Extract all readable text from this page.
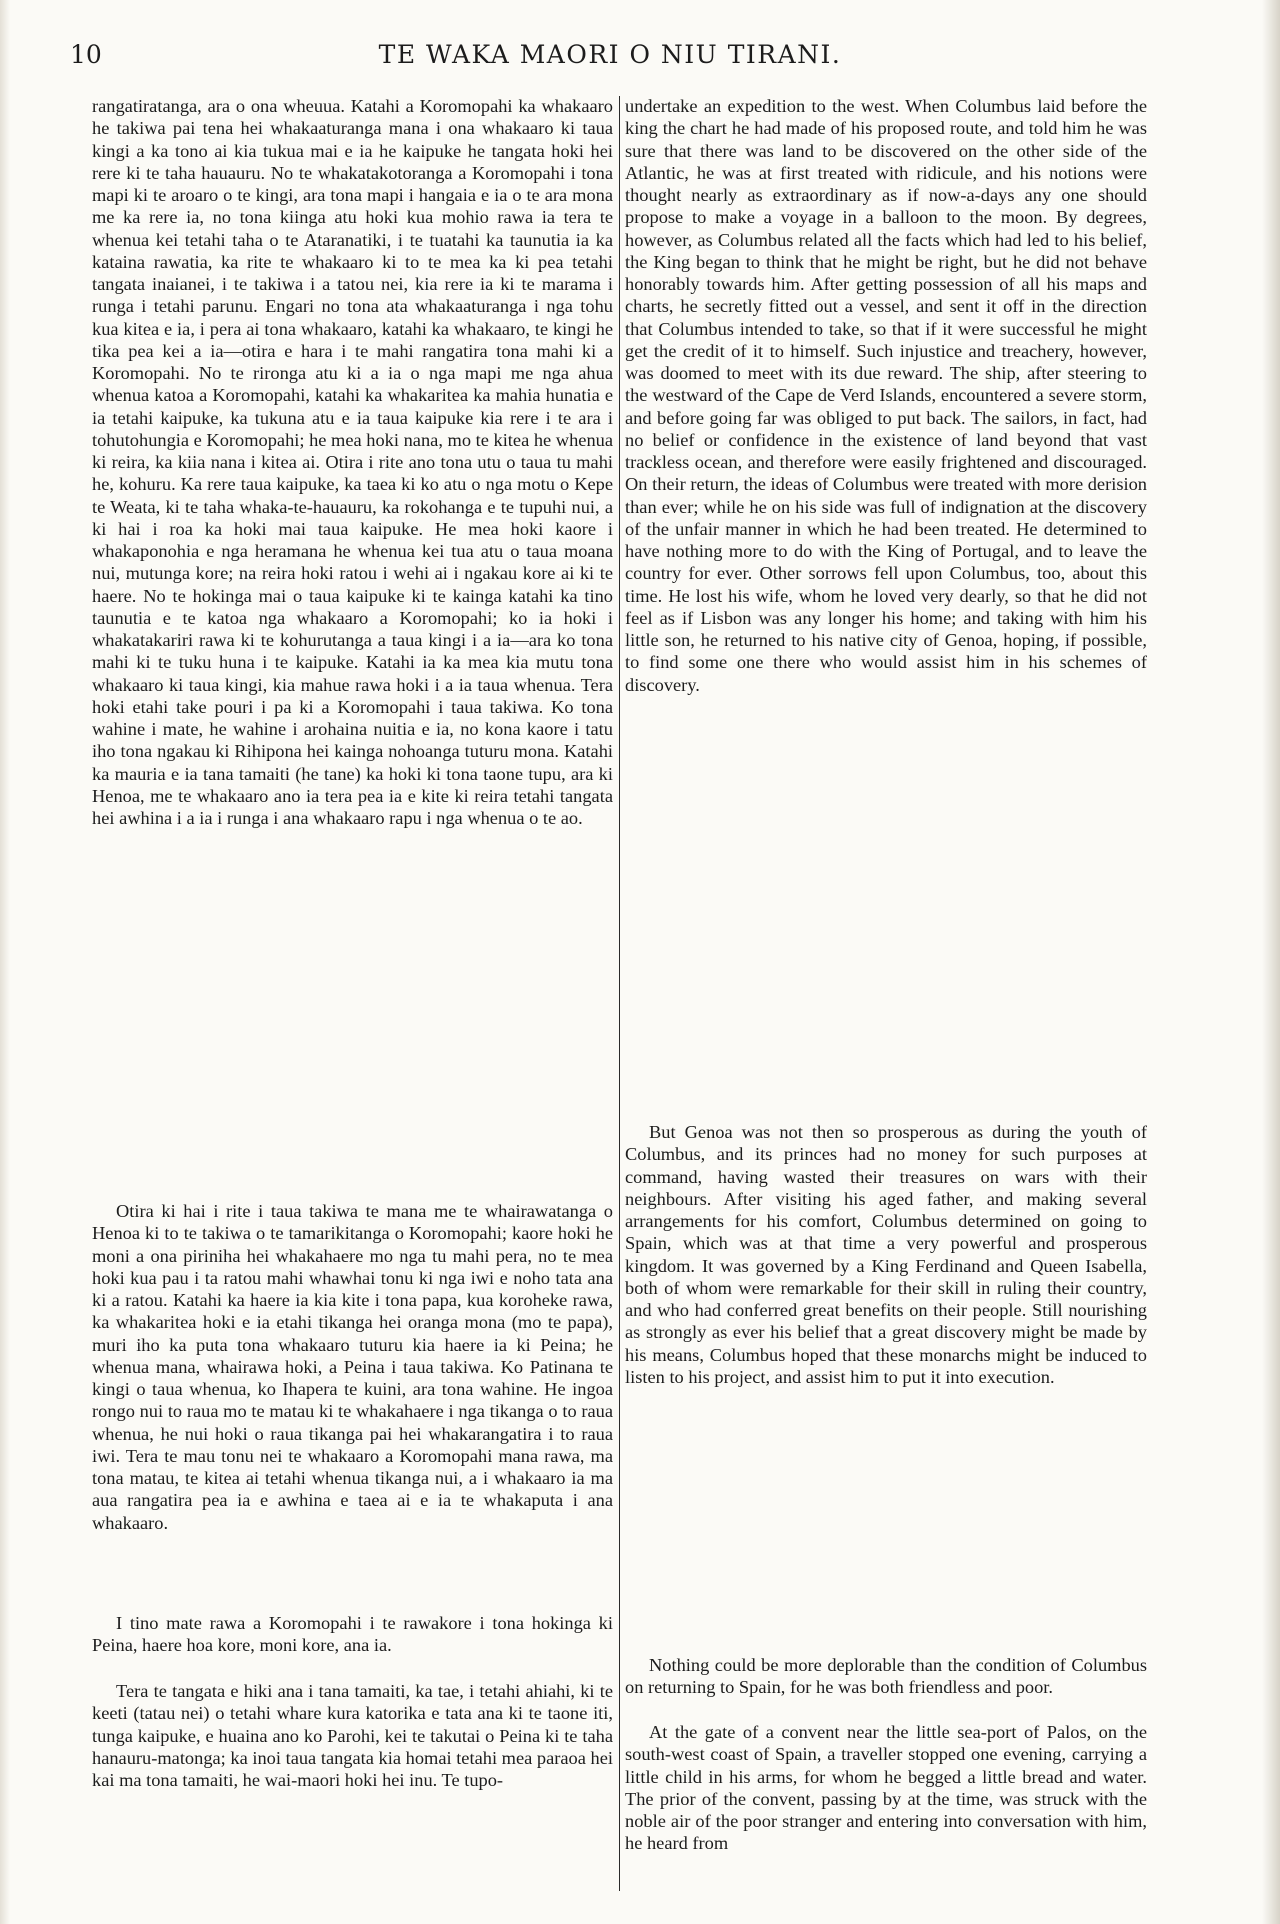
10	TE WAKA MAORI O NIU TIRANI.

rangatiratanga, ara o ona wheuua. Katahi a Koromopahi ka whakaaro he takiwa pai tena hei whakaaturanga mana i ona whakaaro ki taua kingi a ka tono ai kia tukua mai e ia he kaipuke he tangata hoki hei rere ki te taha hauauru. No te whakatakotoranga a Koromopahi i tona mapi ki te aroaro o te kingi, ara tona mapi i hangaia e ia o te ara mona me ka rere ia, no tona kiinga atu hoki kua mohio rawa ia tera te whenua kei tetahi taha o te Ataranatiki, i te tuatahi ka taunutia ia ka kataina rawatia, ka rite te whakaaro ki to te mea ka ki pea tetahi tangata inaianei, i te takiwa i a tatou nei, kia rere ia ki te marama i runga i tetahi parunu. Engari no tona ata whakaaturanga i nga tohu kua kitea e ia, i pera ai tona whakaaro, katahi ka whakaaro, te kingi he tika pea kei a ia—otira e hara i te mahi rangatira tona mahi ki a Koromopahi. No te rironga atu ki a ia o nga mapi me nga ahua whenua katoa a Koromopahi, katahi ka whakaritea ka mahia hunatia e ia tetahi kaipuke, ka tukuna atu e ia taua kaipuke kia rere i te ara i tohutohungia e Koromopahi; he mea hoki nana, mo te kitea he whenua ki reira, ka kiia nana i kitea ai. Otira i rite ano tona utu o taua tu mahi he, kohuru. Ka rere taua kaipuke, ka taea ki ko atu o nga motu o Kepe te Weata, ki te taha whaka-te-hauauru, ka rokohanga e te tupuhi nui, a ki hai i roa ka hoki mai taua kaipuke. He mea hoki kaore i whakaponohia e nga heramana he whenua kei tua atu o taua moana nui, mutunga kore; na reira hoki ratou i wehi ai i ngakau kore ai ki te haere. No te hokinga mai o taua kaipuke ki te kainga katahi ka tino taunutia e te katoa nga whakaaro a Koromopahi; ko ia hoki i whakatakariri rawa ki te kohurutanga a taua kingi i a ia—ara ko tona mahi ki te tuku huna i te kaipuke. Katahi ia ka mea kia mutu tona whakaaro ki taua kingi, kia mahue rawa hoki i a ia taua whenua. Tera hoki etahi take pouri i pa ki a Koromopahi i taua takiwa. Ko tona wahine i mate, he wahine i arohaina nuitia e ia, no kona kaore i tatu iho tona ngakau ki Rihipona hei kainga nohoanga tuturu mona. Katahi ka mauria e ia tana tamaiti (he tane) ka hoki ki tona taone tupu, ara ki Henoa, me te whakaaro ano ia tera pea ia e kite ki reira tetahi tangata hei awhina i a ia i runga i ana whakaaro rapu i nga whenua o te ao.

Otira ki hai i rite i taua takiwa te mana me te whairawatanga o Henoa ki to te takiwa o te tamarikitanga o Koromopahi; kaore hoki he moni a ona piriniha hei whakahaere mo nga tu mahi pera, no te mea hoki kua pau i ta ratou mahi whawhai tonu ki nga iwi e noho tata ana ki a ratou. Katahi ka haere ia kia kite i tona papa, kua koroheke rawa, ka whakaritea hoki e ia etahi tikanga hei oranga mona (mo te papa), muri iho ka puta tona whakaaro tuturu kia haere ia ki Peina; he whenua mana, whairawa hoki, a Peina i taua takiwa. Ko Patinana te kingi o taua whenua, ko Ihapera te kuini, ara tona wahine. He ingoa rongo nui to raua mo te matau ki te whakahaere i nga tikanga o to raua whenua, he nui hoki o raua tikanga pai hei whakarangatira i to raua iwi. Tera te mau tonu nei te whakaaro a Koromopahi mana rawa, ma tona matau, te kitea ai tetahi whenua tikanga nui, a i whakaaro ia ma aua rangatira pea ia e awhina e taea ai e ia te whakaputa i ana whakaaro.

I tino mate rawa a Koromopahi i te rawakore i tona hokinga ki Peina, haere hoa kore, moni kore, ana ia.

Tera te tangata e hiki ana i tana tamaiti, ka tae, i tetahi ahiahi, ki te keeti (tatau nei) o tetahi whare kura katorika e tata ana ki te taone iti, tunga kaipuke, e huaina ano ko Parohi, kei te takutai o Peina ki te taha hanauru-matonga; ka inoi taua tangata kia homai tetahi mea paraoa hei kai ma tona tamaiti, he wai-maori hoki hei inu. Te tupo-

undertake an expedition to the west. When Columbus laid before the king the chart he had made of his proposed route, and told him he was sure that there was land to be discovered on the other side of the Atlantic, he was at first treated with ridicule, and his notions were thought nearly as extraordinary as if now-a-days any one should propose to make a voyage in a balloon to the moon. By degrees, however, as Columbus related all the facts which had led to his belief, the King began to think that he might be right, but he did not behave honorably towards him. After getting possession of all his maps and charts, he secretly fitted out a vessel, and sent it off in the direction that Columbus intended to take, so that if it were successful he might get the credit of it to himself. Such injustice and treachery, however, was doomed to meet with its due reward. The ship, after steering to the westward of the Cape de Verd Islands, encountered a severe storm, and before going far was obliged to put back. The sailors, in fact, had no belief or confidence in the existence of land beyond that vast trackless ocean, and therefore were easily frightened and discouraged. On their return, the ideas of Columbus were treated with more derision than ever; while he on his side was full of indignation at the discovery of the unfair manner in which he had been treated. He determined to have nothing more to do with the King of Portugal, and to leave the country for ever. Other sorrows fell upon Columbus, too, about this time. He lost his wife, whom he loved very dearly, so that he did not feel as if Lisbon was any longer his home; and taking with him his little son, he returned to his native city of Genoa, hoping, if possible, to find some one there who would assist him in his schemes of discovery.

But Genoa was not then so prosperous as during the youth of Columbus, and its princes had no money for such purposes at command, having wasted their treasures on wars with their neighbours. After visiting his aged father, and making several arrangements for his comfort, Columbus determined on going to Spain, which was at that time a very powerful and prosperous kingdom. It was governed by a King Ferdinand and Queen Isabella, both of whom were remarkable for their skill in ruling their country, and who had conferred great benefits on their people. Still nourishing as strongly as ever his belief that a great discovery might be made by his means, Columbus hoped that these monarchs might be induced to listen to his project, and assist him to put it into execution.

Nothing could be more deplorable than the condition of Columbus on returning to Spain, for he was both friendless and poor.

At the gate of a convent near the little sea-port of Palos, on the south-west coast of Spain, a traveller stopped one evening, carrying a little child in his arms, for whom he begged a little bread and water. The prior of the convent, passing by at the time, was struck with the noble air of the poor stranger and entering into conversation with him, he heard from
